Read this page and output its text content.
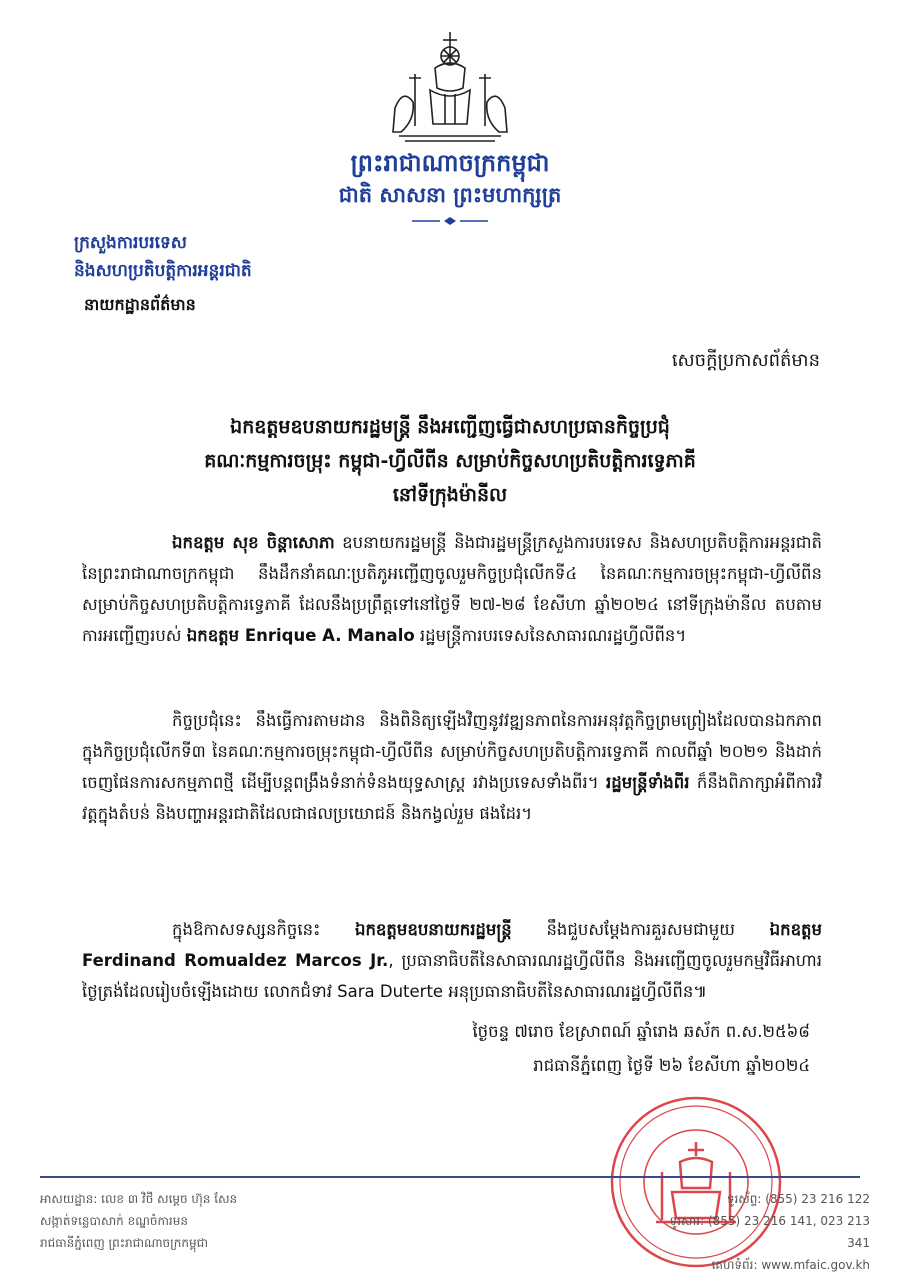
ព្រះរាជាណាចក្រកម្ពុជា
ជាតិ សាសនា ព្រះមហាក្សត្រ
ក្រសួងការបរទេស
និងសហប្រតិបត្តិការអន្តរជាតិ
នាយកដ្ឋានព័ត៌មាន
សេចក្ដីប្រកាសព័ត៌មាន
ឯកឧត្តមឧបនាយករដ្ឋមន្ត្រី នឹងអញ្ជើញធ្វើជាសហប្រធានកិច្ចប្រជុំ
គណៈកម្មការចម្រុះ កម្ពុជា-ហ្វីលីពីន សម្រាប់កិច្ចសហប្រតិបត្តិការទ្វេភាគី
នៅទីក្រុងម៉ានីល
ឯកឧត្តម សុខ ចិន្តាសោភា ឧបនាយករដ្ឋមន្ត្រី និងជារដ្ឋមន្ត្រីក្រសួងការបរទេស និងសហប្រតិបត្តិការអន្តរជាតិនៃព្រះរាជាណាចក្រកម្ពុជា នឹងដឹកនាំគណៈប្រតិភូអញ្ជើញចូលរួមកិច្ចប្រជុំលើកទី៤ នៃគណៈកម្មការចម្រុះកម្ពុជា-ហ្វីលីពីន សម្រាប់កិច្ចសហប្រតិបត្តិការទ្វេភាគី ដែលនឹងប្រព្រឹត្តទៅនៅថ្ងៃទី ២៧-២៨ ខែសីហា ឆ្នាំ២០២៤ នៅទីក្រុងម៉ានីល តបតាមការអញ្ជើញរបស់ ឯកឧត្តម Enrique A. Manalo រដ្ឋមន្ត្រីការបរទេសនៃសាធារណរដ្ឋហ្វីលីពីន។
កិច្ចប្រជុំនេះ នឹងធ្វើការតាមដាន និងពិនិត្យឡើងវិញនូវវឌ្ឍនភាពនៃការអនុវត្តកិច្ចព្រមព្រៀងដែលបានឯកភាពក្នុងកិច្ចប្រជុំលើកទី៣ នៃគណៈកម្មការចម្រុះកម្ពុជា-ហ្វីលីពីន សម្រាប់កិច្ចសហប្រតិបត្តិការទ្វេភាគី កាលពីឆ្នាំ ២០២១ និងដាក់ចេញផែនការសកម្មភាពថ្មី ដើម្បីបន្តពង្រឹងទំនាក់ទំនងយុទ្ធសាស្ត្រ រវាងប្រទេសទាំងពីរ។ រដ្ឋមន្ត្រីទាំងពីរ ក៏នឹងពិភាក្សាអំពីការវិវត្តក្នុងតំបន់ និងបញ្ហាអន្តរជាតិដែលជាផលប្រយោជន៍ និងកង្វល់រួម ផងដែរ។
ក្នុងឱកាសទស្សនកិច្ចនេះ ឯកឧត្តមឧបនាយករដ្ឋមន្ត្រី នឹងជួបសម្ដែងការគួរសមជាមួយ ឯកឧត្តម Ferdinand Romualdez Marcos Jr., ប្រធានាធិបតីនៃសាធារណរដ្ឋហ្វីលីពីន និងអញ្ជើញចូលរួមកម្មវិធីអាហារថ្ងៃត្រង់ដែលរៀបចំឡើងដោយ លោកជំទាវ Sara Duterte អនុប្រធានាធិបតីនៃសាធារណរដ្ឋហ្វីលីពីន៕
ថ្ងៃចន្ទ ៧រោច ខែស្រាពណ៍ ឆ្នាំរោង ឆស័ក ព.ស.២៥៦៨
រាជធានីភ្នំពេញ ថ្ងៃទី ២៦ ខែសីហា ឆ្នាំ២០២៤
អាសយដ្ឋាន: លេខ ៣ វិថី សម្ដេច ហ៊ុន សែន
សង្កាត់ទន្លេបាសាក់ ខណ្ឌចំការមន
រាជធានីភ្នំពេញ ព្រះរាជាណាចក្រកម្ពុជា
ទូរស័ព្ទ: (855) 23 216 122
ទូរសារ: (855) 23 216 141, 023 213 341
គេហទំព័រ: www.mfaic.gov.kh
